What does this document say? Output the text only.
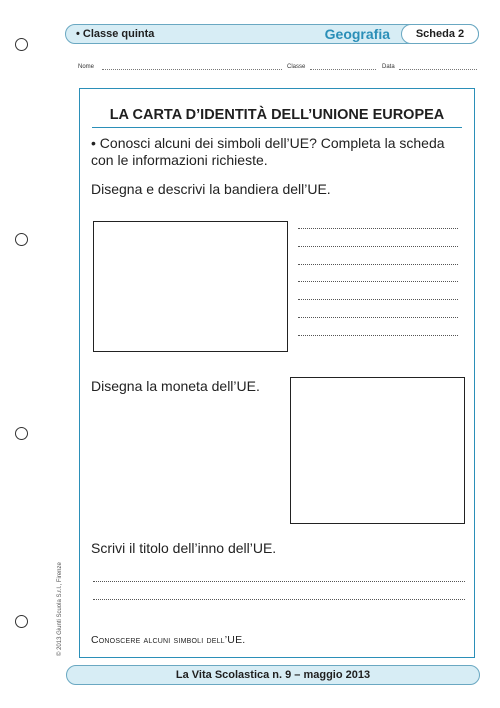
• Classe quinta	Geografia	Scheda 2
Nome	Classe	Data
LA CARTA D’IDENTITÀ DELL’UNIONE EUROPEA
• Conosci alcuni dei simboli dell’UE? Completa la scheda con le informazioni richieste.
Disegna e descrivi la bandiera dell’UE.
Disegna la moneta dell’UE.
Scrivi il titolo dell’inno dell’UE.
Conoscere alcuni simboli dell’UE.
© 2013 Giunti Scuola S.r.l., Firenze
La Vita Scolastica n. 9 – maggio 2013
